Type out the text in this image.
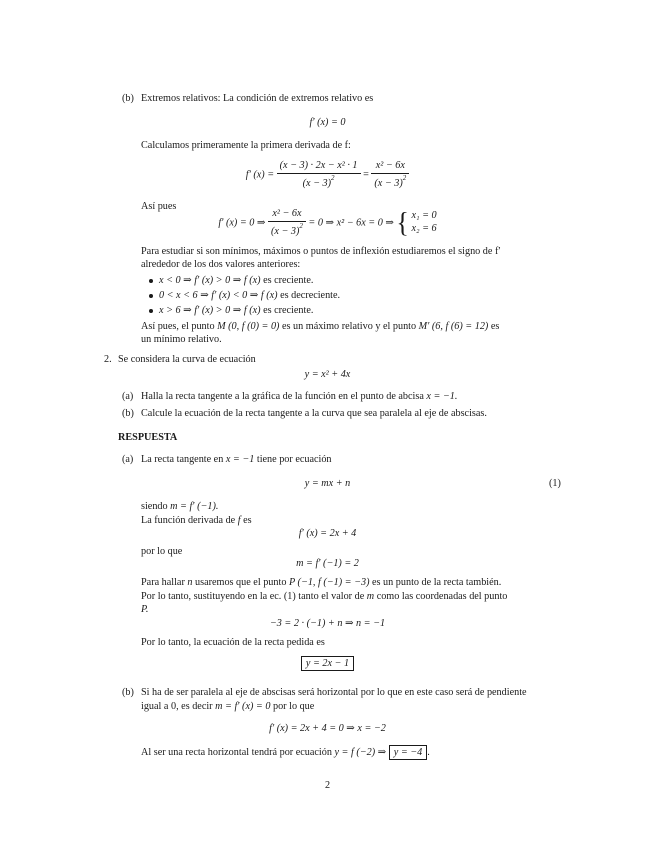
(b) Extremos relativos: La condición de extremos relativo es
f′ (x) = 0
Calculamos primeramente la primera derivada de f:
f′ $(x) = \frac{\text{(x − 3) · 2x − x² · 1}}{(x - 3)^2} = \frac{\text{x² − 6x}}{(x - 3)^2}$
Así pues
f′ (x) = 0 ⇒ $\frac{\text{x² − 6x}}{(x - 3)^2} = 0$ ⇒ x² − 6x = 0 ⇒ { x₁ = 0
x₂ = 6
Para estudiar si son mínimos, máximos o puntos de inflexión estudiaremos el signo de f′
alrededor de los dos valores anteriores:
x < 0 ⇒ f′ (x) > 0 ⇒ f (x) es creciente.
0 < x < 6 ⇒ f′ (x) < 0 ⇒ f (x) es decreciente.
x > 6 ⇒ f′ (x) > 0 ⇒ f (x) es creciente.
Así pues, el punto M (0, f (0) = 0) es un máximo relativo y el punto M′ (6, f (6) = 12) es
un mínimo relativo.
2. Se considera la curva de ecuación
y = x² + 4x
(a) Halla la recta tangente a la gráfica de la función en el punto de abcisa x = −1.
(b) Calcule la ecuación de la recta tangente a la curva que sea paralela al eje de abscisas.
RESPUESTA
(a) La recta tangente en x = −1 tiene por ecuación
y = mx + n	(1)
siendo m = f′ (−1).
La función derivada de f es
f′ (x) = 2x + 4
por lo que
m = f′ (−1) = 2
Para hallar n usaremos que el punto P (−1, f (−1) = −3) es un punto de la recta también.
Por lo tanto, sustituyendo en la ec. (1) tanto el valor de m como las coordenadas del punto
P.
−3 = 2 · (−1) + n ⇒ n = −1
Por lo tanto, la ecuación de la recta pedida es
y = 2x − 1
(b) Si ha de ser paralela al eje de abscisas será horizontal por lo que en este caso será de pendiente
igual a 0, es decir m = f′ (x) = 0 por lo que
f′ (x) = 2x + 4 = 0 ⇒ x = −2
Al ser una recta horizontal tendrá por ecuación y = f (−2) ⇒ y = −4 .
2
